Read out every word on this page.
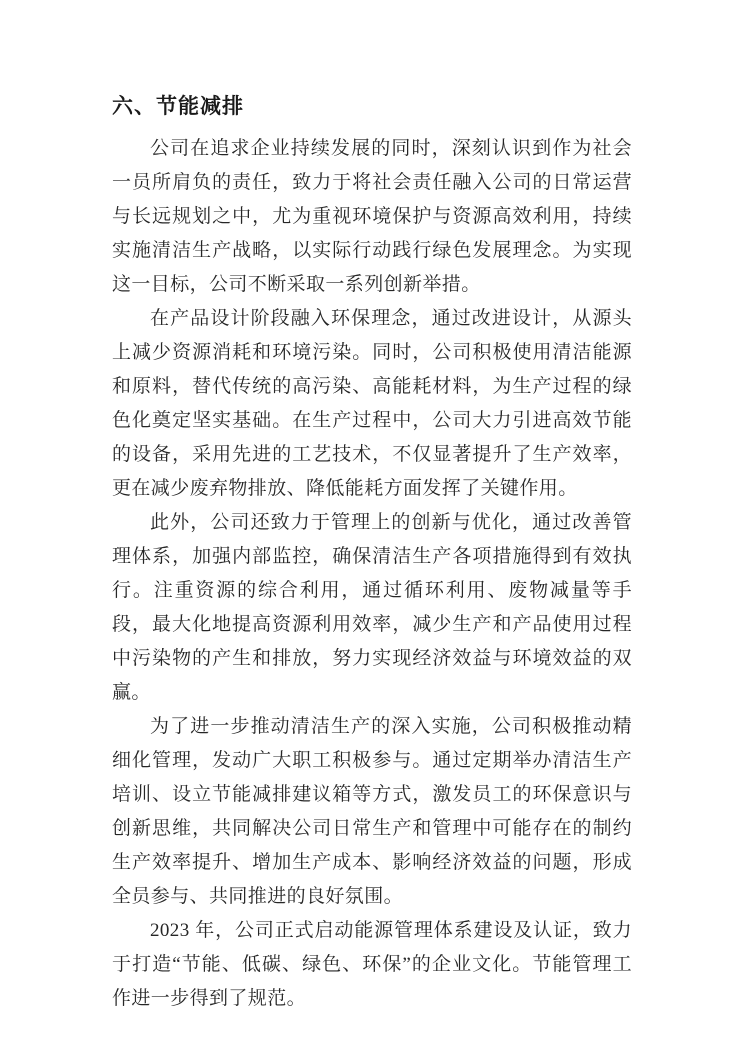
六、节能减排

公司在追求企业持续发展的同时，深刻认识到作为社会一员所肩负的责任，致力于将社会责任融入公司的日常运营与长远规划之中，尤为重视环境保护与资源高效利用，持续实施清洁生产战略，以实际行动践行绿色发展理念。为实现这一目标，公司不断采取一系列创新举措。

在产品设计阶段融入环保理念，通过改进设计，从源头上减少资源消耗和环境污染。同时，公司积极使用清洁能源和原料，替代传统的高污染、高能耗材料，为生产过程的绿色化奠定坚实基础。在生产过程中，公司大力引进高效节能的设备，采用先进的工艺技术，不仅显著提升了生产效率，更在减少废弃物排放、降低能耗方面发挥了关键作用。

此外，公司还致力于管理上的创新与优化，通过改善管理体系，加强内部监控，确保清洁生产各项措施得到有效执行。注重资源的综合利用，通过循环利用、废物减量等手段，最大化地提高资源利用效率，减少生产和产品使用过程中污染物的产生和排放，努力实现经济效益与环境效益的双赢。

为了进一步推动清洁生产的深入实施，公司积极推动精细化管理，发动广大职工积极参与。通过定期举办清洁生产培训、设立节能减排建议箱等方式，激发员工的环保意识与创新思维，共同解决公司日常生产和管理中可能存在的制约生产效率提升、增加生产成本、影响经济效益的问题，形成全员参与、共同推进的良好氛围。

2023 年，公司正式启动能源管理体系建设及认证，致力于打造“节能、低碳、绿色、环保”的企业文化。节能管理工作进一步得到了规范。
